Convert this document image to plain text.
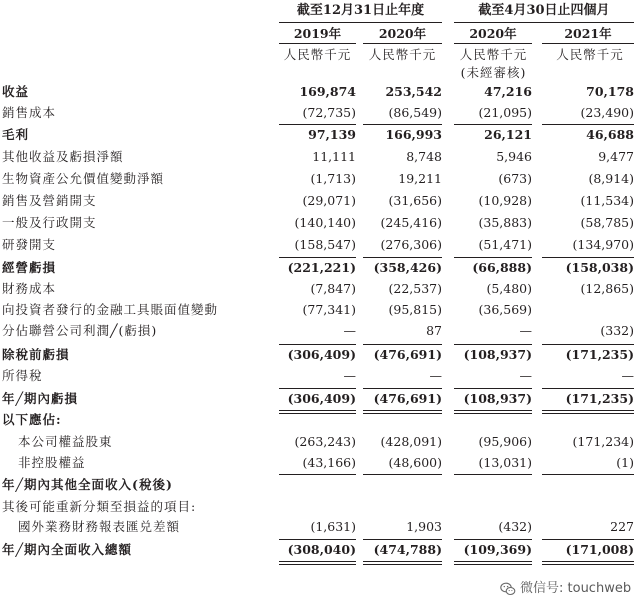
截至12月31日止年度	截至4月30日止四個月
2019年	2020年	2020年	2021年
人民幣千元	人民幣千元	人民幣千元	人民幣千元
(未經審核)
收益	169,874	253,542	47,216	70,178
銷售成本	(72,735)	(86,549)	(21,095)	(23,490)
毛利	97,139	166,993	26,121	46,688
其他收益及虧損淨額	11,111	8,748	5,946	9,477
生物資產公允價值變動淨額	(1,713)	19,211	(673)	(8,914)
銷售及營銷開支	(29,071)	(31,656)	(10,928)	(11,534)
一般及行政開支	(140,140)	(245,416)	(35,883)	(58,785)
研發開支	(158,547)	(276,306)	(51,471)	(134,970)
經營虧損	(221,221)	(358,426)	(66,888)	(158,038)
財務成本	(7,847)	(22,537)	(5,480)	(12,865)
向投資者發行的金融工具賬面值變動	(77,341)	(95,815)	(36,569)
分佔聯營公司利潤╱(虧損)	—	87	—	(332)
除稅前虧損	(306,409)	(476,691)	(108,937)	(171,235)
所得稅	—	—	—	—
年╱期內虧損	(306,409)	(476,691)	(108,937)	(171,235)
以下應佔:
本公司權益股東	(263,243)	(428,091)	(95,906)	(171,234)
非控股權益	(43,166)	(48,600)	(13,031)	(1)
年╱期內其他全面收入(稅後)
其後可能重新分類至損益的項目:
國外業務財務報表匯兑差額	(1,631)	1,903	(432)	227
年╱期內全面收入總額	(308,040)	(474,788)	(109,369)	(171,008)
微信号: touchweb
